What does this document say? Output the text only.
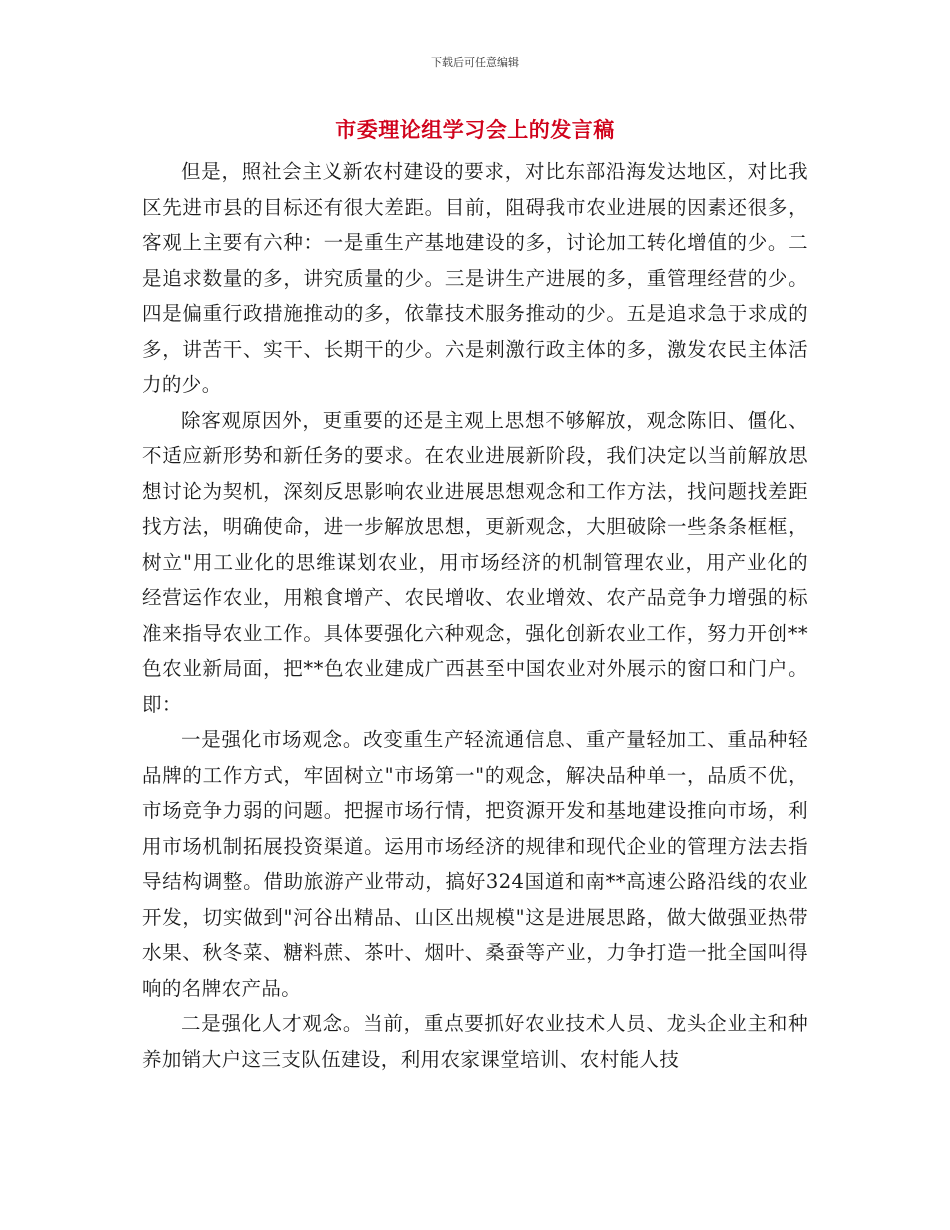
下载后可任意编辑
市委理论组学习会上的发言稿

但是，照社会主义新农村建设的要求，对比东部沿海发达地区，对比我区先进市县的目标还有很大差距。目前，阻碍我市农业进展的因素还很多，客观上主要有六种：一是重生产基地建设的多，讨论加工转化增值的少。二是追求数量的多，讲究质量的少。三是讲生产进展的多，重管理经营的少。四是偏重行政措施推动的多，依靠技术服务推动的少。五是追求急于求成的多，讲苦干、实干、长期干的少。六是刺激行政主体的多，激发农民主体活力的少。

除客观原因外，更重要的还是主观上思想不够解放，观念陈旧、僵化、不适应新形势和新任务的要求。在农业进展新阶段，我们决定以当前解放思想讨论为契机，深刻反思影响农业进展思想观念和工作方法，找问题找差距找方法，明确使命，进一步解放思想，更新观念，大胆破除一些条条框框，树立"用工业化的思维谋划农业，用市场经济的机制管理农业，用产业化的经营运作农业，用粮食增产、农民增收、农业增效、农产品竞争力增强的标准来指导农业工作。具体要强化六种观念，强化创新农业工作，努力开创**色农业新局面，把**色农业建成广西甚至中国农业对外展示的窗口和门户。即：

一是强化市场观念。改变重生产轻流通信息、重产量轻加工、重品种轻品牌的工作方式，牢固树立"市场第一"的观念，解决品种单一，品质不优，市场竞争力弱的问题。把握市场行情，把资源开发和基地建设推向市场，利用市场机制拓展投资渠道。运用市场经济的规律和现代企业的管理方法去指导结构调整。借助旅游产业带动，搞好324国道和南**高速公路沿线的农业开发，切实做到"河谷出精品、山区出规模"这是进展思路，做大做强亚热带水果、秋冬菜、糖料蔗、茶叶、烟叶、桑蚕等产业，力争打造一批全国叫得响的名牌农产品。

二是强化人才观念。当前，重点要抓好农业技术人员、龙头企业主和种养加销大户这三支队伍建设，利用农家课堂培训、农村能人技
